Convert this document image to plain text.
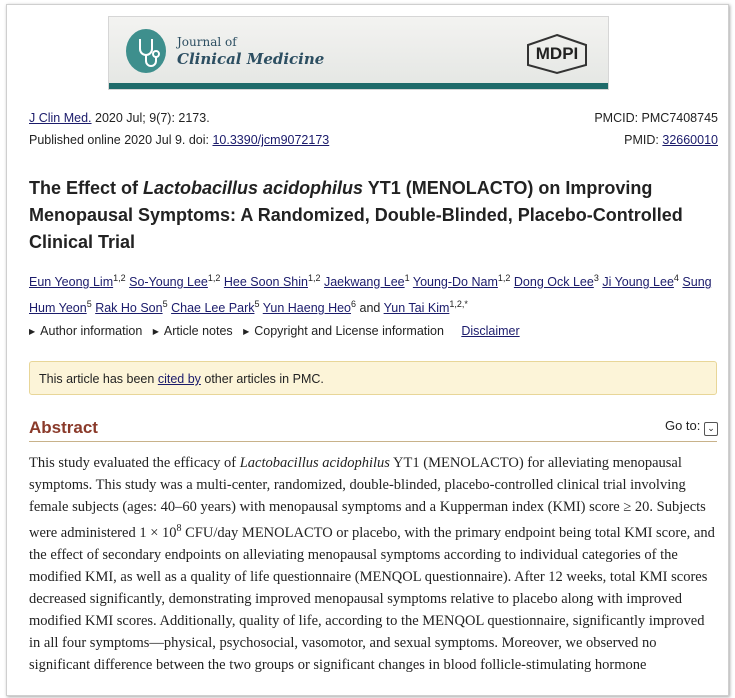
Journal of
Clinical Medicine	MDPI
J Clin Med. 2020 Jul; 9(7): 2173.	PMCID: PMC7408745
Published online 2020 Jul 9. doi: 10.3390/jcm9072173	PMID: 32660010
The Effect of Lactobacillus acidophilus YT1 (MENOLACTO) on Improving Menopausal Symptoms: A Randomized, Double-Blinded, Placebo-Controlled Clinical Trial
Eun Yeong Lim$^{1,2}$ So-Young Lee$^{1,2}$ Hee Soon Shin$^{1,2}$ Jaekwang Lee$^1$ Young-Do Nam$^{1,2}$ Dong Ock Lee$^3$ Ji Young Lee$^4$ Sung Hum Yeon$^5$ Rak Ho Son$^5$ Chae Lee Park$^5$ Yun Haeng Heo$^6$ and Yun Tai Kim$^{1,2,*}$
▶ Author information ▶ Article notes ▶ Copyright and License information Disclaimer
This article has been cited by other articles in PMC.
Abstract	Go to: ⌄
This study evaluated the efficacy of Lactobacillus acidophilus YT1 (MENOLACTO) for alleviating menopausal symptoms. This study was a multi-center, randomized, double-blinded, placebo-controlled clinical trial involving female subjects (ages: 40–60 years) with menopausal symptoms and a Kupperman index (KMI) score ≥ 20. Subjects were administered $1 \times 10^8$ CFU/day MENOLACTO or placebo, with the primary endpoint being total KMI score, and the effect of secondary endpoints on alleviating menopausal symptoms according to individual categories of the modified KMI, as well as a quality of life questionnaire (MENQOL questionnaire). After 12 weeks, total KMI scores decreased significantly, demonstrating improved menopausal symptoms relative to placebo along with improved modified KMI scores. Additionally, quality of life, according to the MENQOL questionnaire, significantly improved in all four symptoms—physical, psychosocial, vasomotor, and sexual symptoms. Moreover, we observed no significant difference between the two groups or significant changes in blood follicle-stimulating hormone
